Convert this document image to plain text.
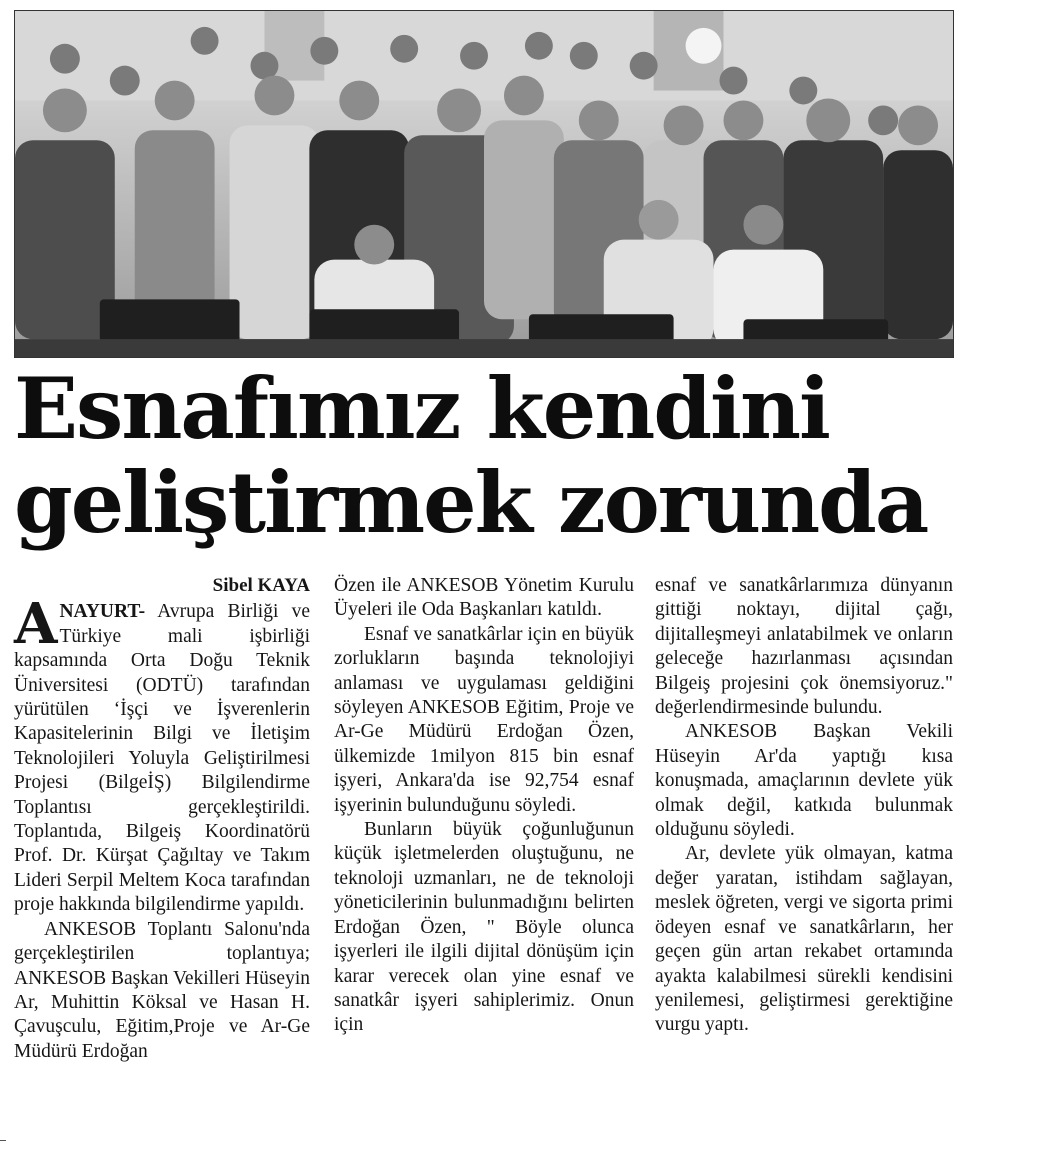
Esnafımız kendini
geliştirmek zorunda
Sibel KAYA

ANAYURT- Avrupa Birliği ve Türkiye mali işbirliği kapsamında Orta Doğu Teknik Üniversitesi (ODTÜ) tarafından yürütülen ‘İşçi ve İşverenlerin Kapasitelerinin Bilgi ve İletişim Teknolojileri Yoluyla Geliştirilmesi Projesi (BilgeİŞ) Bilgilendirme Toplantısı gerçekleştirildi. Toplantıda, Bilgeiş Koordinatörü Prof. Dr. Kürşat Çağıltay ve Takım Lideri Serpil Meltem Koca tarafından proje hakkında bilgilendirme yapıldı.

ANKESOB Toplantı Salonu'nda gerçekleştirilen toplantıya; ANKESOB Başkan Vekilleri Hüseyin Ar, Muhittin Köksal ve Hasan H. Çavuşculu, Eğitim,Proje ve Ar-Ge Müdürü Erdoğan

Özen ile ANKESOB Yönetim Kurulu Üyeleri ile Oda Başkanları katıldı.

Esnaf ve sanatkârlar için en büyük zorlukların başında teknolojiyi anlaması ve uygulaması geldiğini söyleyen ANKESOB Eğitim, Proje ve Ar-Ge Müdürü Erdoğan Özen, ülkemizde 1milyon 815 bin esnaf işyeri, Ankara'da ise 92,754 esnaf işyerinin bulunduğunu söyledi.

Bunların büyük çoğunluğunun küçük işletmelerden oluştuğunu, ne teknoloji uzmanları, ne de teknoloji yöneticilerinin bulunmadığını belirten Erdoğan Özen, " Böyle olunca işyerleri ile ilgili dijital dönüşüm için karar verecek olan yine esnaf ve sanatkâr işyeri sahiplerimiz. Onun için

esnaf ve sanatkârlarımıza dünyanın gittiği noktayı, dijital çağı, dijitalleşmeyi anlatabilmek ve onların geleceğe hazırlanması açısından Bilgeiş projesini çok önemsiyoruz." değerlendirmesinde bulundu.

ANKESOB Başkan Vekili Hüseyin Ar'da yaptığı kısa konuşmada, amaçlarının devlete yük olmak değil, katkıda bulunmak olduğunu söyledi.

Ar, devlete yük olmayan, katma değer yaratan, istihdam sağlayan, meslek öğreten, vergi ve sigorta primi ödeyen esnaf ve sanatkârların, her geçen gün artan rekabet ortamında ayakta kalabilmesi sürekli kendisini yenilemesi, geliştirmesi gerektiğine vurgu yaptı.
